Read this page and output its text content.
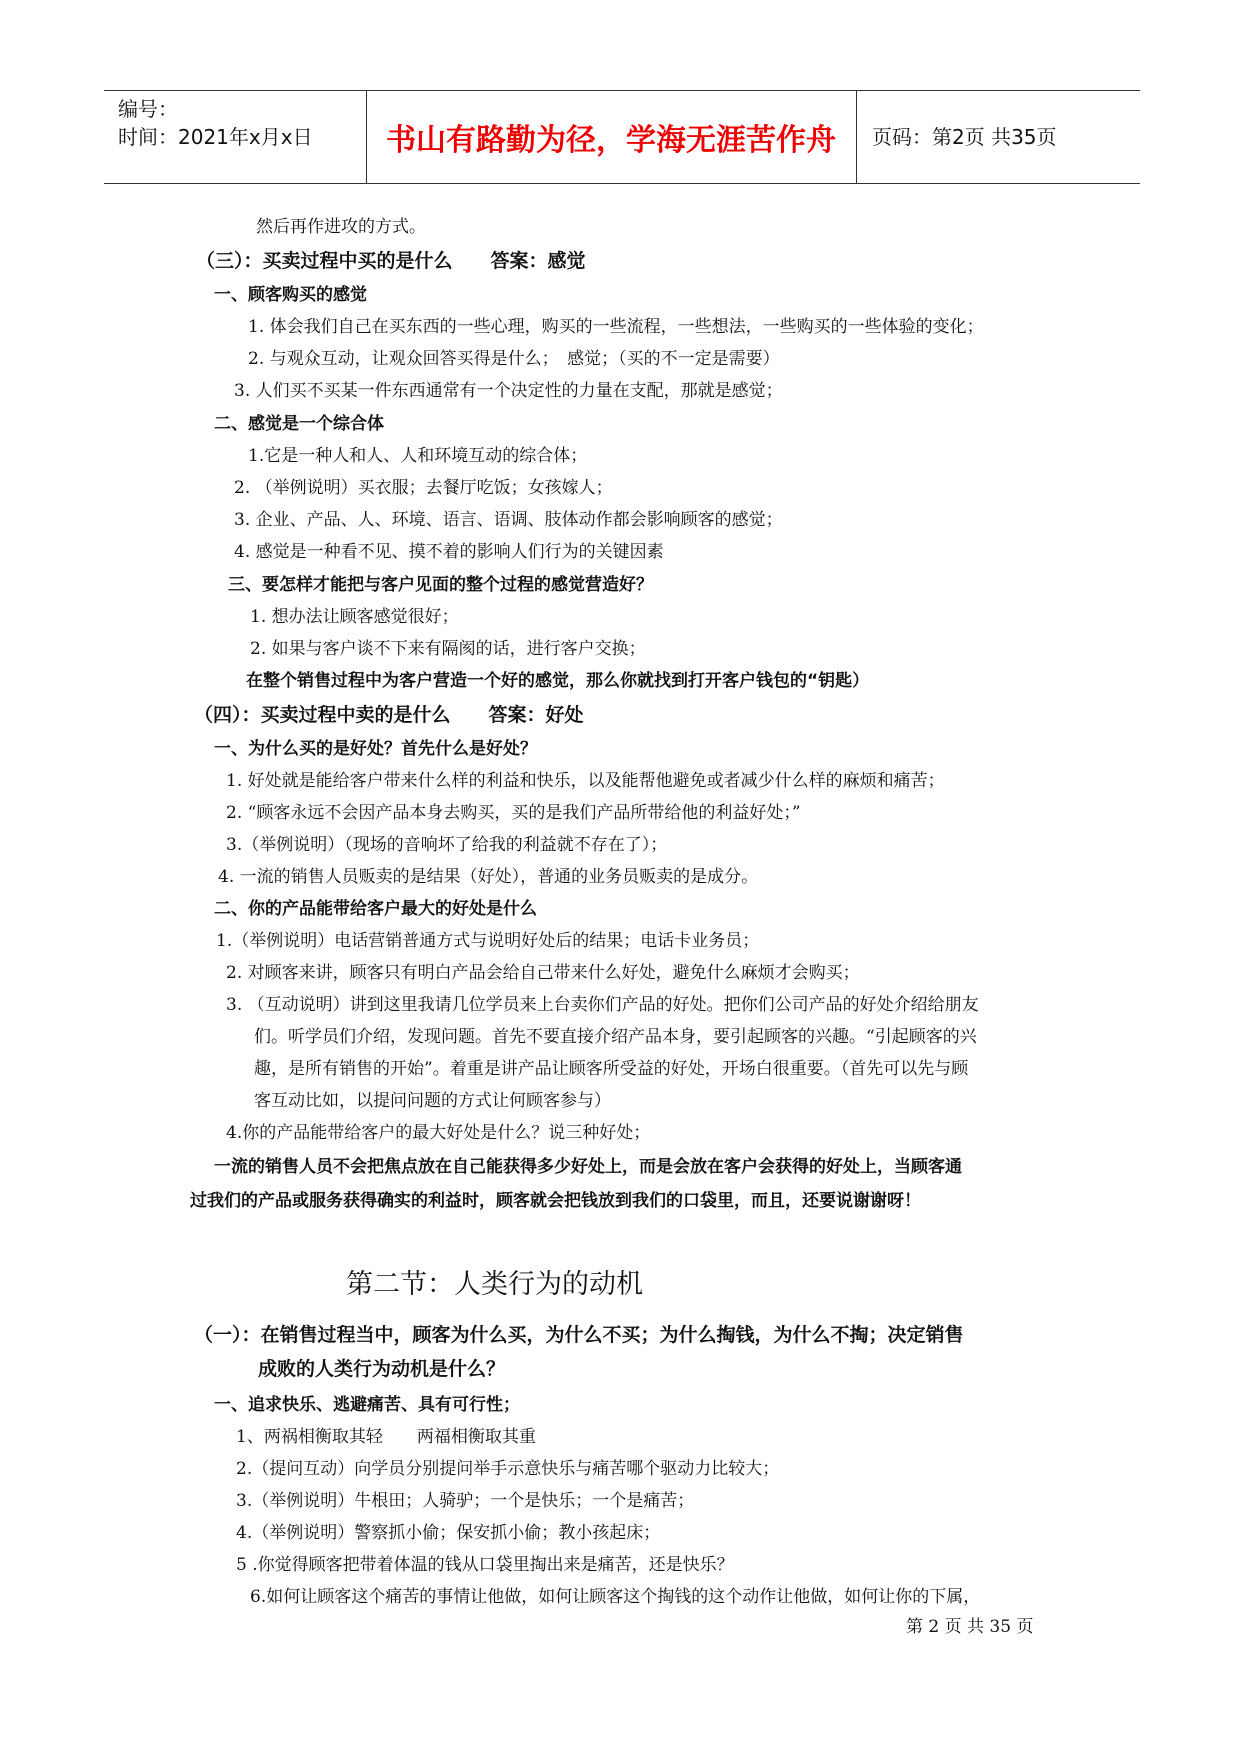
编号：
时间：2021年x月x日	书山有路勤为径，学海无涯苦作舟	页码：第2页 共35页
然后再作进攻的方式。
（三）：买卖过程中买的是什么　　答案：感觉
一、顾客购买的感觉
1. 体会我们自己在买东西的一些心理，购买的一些流程，一些想法，一些购买的一些体验的变化；
2. 与观众互动，让观众回答买得是什么；　感觉；（买的不一定是需要）
3. 人们买不买某一件东西通常有一个决定性的力量在支配，那就是感觉；
二、感觉是一个综合体
1.它是一种人和人、人和环境互动的综合体；
2. （举例说明）买衣服；去餐厅吃饭；女孩嫁人；
3. 企业、产品、人、环境、语言、语调、肢体动作都会影响顾客的感觉；
4. 感觉是一种看不见、摸不着的影响人们行为的关键因素
三、要怎样才能把与客户见面的整个过程的感觉营造好？
1. 想办法让顾客感觉很好；
2. 如果与客户谈不下来有隔阂的话，进行客户交换；
在整个销售过程中为客户营造一个好的感觉，那么你就找到打开客户钱包的“钥匙）
（四）：买卖过程中卖的是什么　　答案：好处
一、为什么买的是好处？首先什么是好处？
1. 好处就是能给客户带来什么样的利益和快乐，以及能帮他避免或者减少什么样的麻烦和痛苦；
2. “顾客永远不会因产品本身去购买，买的是我们产品所带给他的利益好处；”
3.（举例说明）（现场的音响坏了给我的利益就不存在了）；
4. 一流的销售人员贩卖的是结果（好处），普通的业务员贩卖的是成分。
二、你的产品能带给客户最大的好处是什么
1.（举例说明）电话营销普通方式与说明好处后的结果；电话卡业务员；
2. 对顾客来讲，顾客只有明白产品会给自己带来什么好处，避免什么麻烦才会购买；
3. （互动说明）讲到这里我请几位学员来上台卖你们产品的好处。把你们公司产品的好处介绍给朋友
们。听学员们介绍，发现问题。首先不要直接介绍产品本身，要引起顾客的兴趣。“引起顾客的兴
趣，是所有销售的开始”。着重是讲产品让顾客所受益的好处，开场白很重要。（首先可以先与顾
客互动比如，以提问问题的方式让何顾客参与）
4.你的产品能带给客户的最大好处是什么？说三种好处；
一流的销售人员不会把焦点放在自己能获得多少好处上，而是会放在客户会获得的好处上，当顾客通
过我们的产品或服务获得确实的利益时，顾客就会把钱放到我们的口袋里，而且，还要说谢谢呀！
第二节：人类行为的动机
（一）：在销售过程当中，顾客为什么买，为什么不买；为什么掏钱，为什么不掏；决定销售
成败的人类行为动机是什么？
一、追求快乐、逃避痛苦、具有可行性；
1、两祸相衡取其轻　　两福相衡取其重
2.（提问互动）向学员分别提问举手示意快乐与痛苦哪个驱动力比较大；
3.（举例说明）牛根田；人骑驴；一个是快乐；一个是痛苦；
4.（举例说明）警察抓小偷；保安抓小偷；教小孩起床；
5 .你觉得顾客把带着体温的钱从口袋里掏出来是痛苦，还是快乐？
6.如何让顾客这个痛苦的事情让他做，如何让顾客这个掏钱的这个动作让他做，如何让你的下属，
第 2 页 共 35 页
